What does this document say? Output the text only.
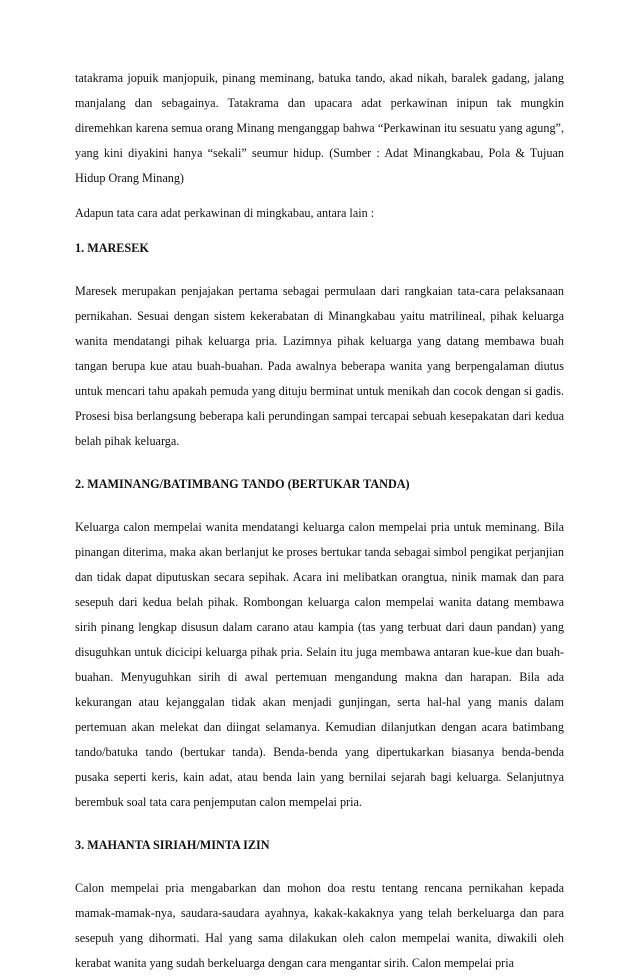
tatakrama jopuik manjopuik, pinang meminang, batuka tando, akad nikah, baralek gadang, jalang manjalang dan sebagainya. Tatakrama dan upacara adat perkawinan inipun tak mungkin diremehkan karena semua orang Minang menganggap bahwa “Perkawinan itu sesuatu yang agung”, yang kini diyakini hanya “sekali” seumur hidup. (Sumber : Adat Minangkabau, Pola & Tujuan Hidup Orang Minang)

Adapun tata cara adat perkawinan di mingkabau, antara lain :

1. MARESEK

Maresek merupakan penjajakan pertama sebagai permulaan dari rangkaian tata-cara pelaksanaan pernikahan. Sesuai dengan sistem kekerabatan di Minangkabau yaitu matrilineal, pihak keluarga wanita mendatangi pihak keluarga pria. Lazimnya pihak keluarga yang datang membawa buah tangan berupa kue atau buah-buahan. Pada awalnya beberapa wanita yang berpengalaman diutus untuk mencari tahu apakah pemuda yang dituju berminat untuk menikah dan cocok dengan si gadis. Prosesi bisa berlangsung beberapa kali perundingan sampai tercapai sebuah kesepakatan dari kedua belah pihak keluarga.

2. MAMINANG/BATIMBANG TANDO (BERTUKAR TANDA)

Keluarga calon mempelai wanita mendatangi keluarga calon mempelai pria untuk meminang. Bila pinangan diterima, maka akan berlanjut ke proses bertukar tanda sebagai simbol pengikat perjanjian dan tidak dapat diputuskan secara sepihak. Acara ini melibatkan orangtua, ninik mamak dan para sesepuh dari kedua belah pihak. Rombongan keluarga calon mempelai wanita datang membawa sirih pinang lengkap disusun dalam carano atau kampia (tas yang terbuat dari daun pandan) yang disuguhkan untuk dicicipi keluarga pihak pria. Selain itu juga membawa antaran kue-kue dan buah-buahan. Menyuguhkan sirih di awal pertemuan mengandung makna dan harapan. Bila ada kekurangan atau kejanggalan tidak akan menjadi gunjingan, serta hal-hal yang manis dalam pertemuan akan melekat dan diingat selamanya. Kemudian dilanjutkan dengan acara batimbang tando/batuka tando (bertukar tanda). Benda-benda yang dipertukarkan biasanya benda-benda pusaka seperti keris, kain adat, atau benda lain yang bernilai sejarah bagi keluarga. Selanjutnya berembuk soal tata cara penjemputan calon mempelai pria.

3. MAHANTA SIRIAH/MINTA IZIN

Calon mempelai pria mengabarkan dan mohon doa restu tentang rencana pernikahan kepada mamak-mamak-nya, saudara-saudara ayahnya, kakak-kakaknya yang telah berkeluarga dan para sesepuh yang dihormati. Hal yang sama dilakukan oleh calon mempelai wanita, diwakili oleh kerabat wanita yang sudah berkeluarga dengan cara mengantar sirih. Calon mempelai pria
